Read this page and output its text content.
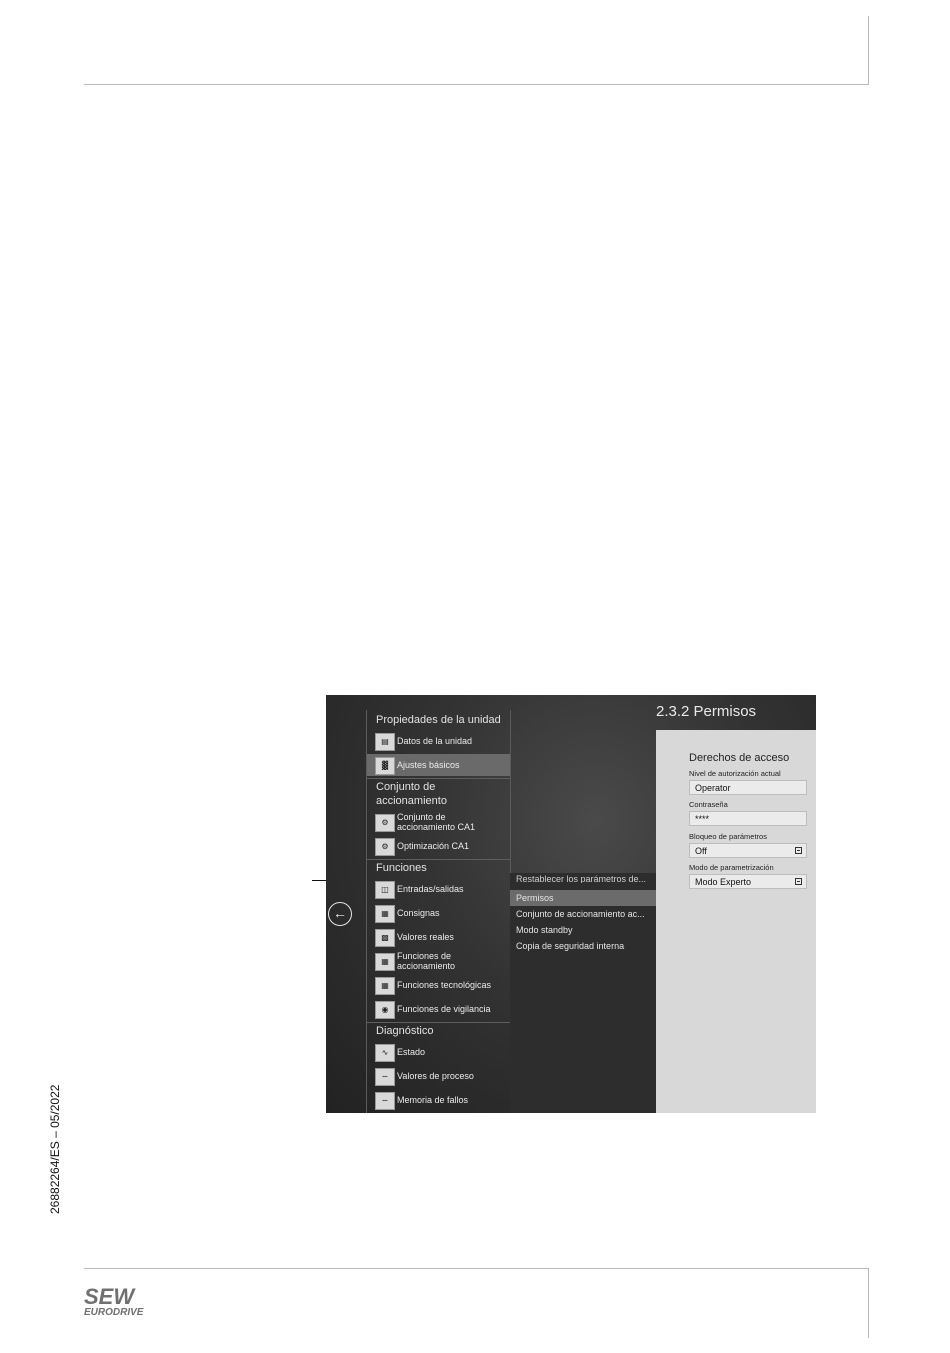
26882264/ES – 05/2022
SEW
EURODRIVE
←
Propiedades de la unidad
▤ Datos de la unidad
▓ Ajustes básicos
Conjunto de accionamiento
⚙
Conjunto de accionamiento CA1
⚙ Optimización CA1
Funciones
◫ Entradas/salidas
▦ Consignas
▩ Valores reales
▦
Funciones de accionamiento
▦ Funciones tecnológicas
◉ Funciones de vigilancia
Diagnóstico
∿ Estado
∽ Valores de proceso
∽ Memoria de fallos
Restablecer los parámetros de...
Permisos
Conjunto de accionamiento ac...
Modo standby
Copia de seguridad interna
2.3.2 Permisos
Derechos de acceso
Nivel de autorización actual
Operator
Contraseña
****
Bloqueo de parámetros
Off
Modo de parametrización
Modo Experto
